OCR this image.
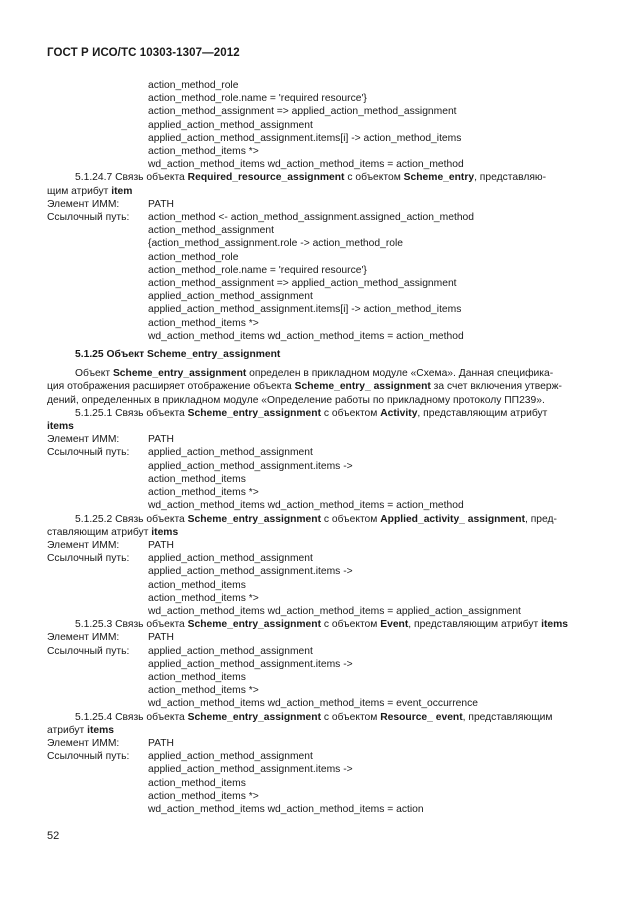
ГОСТ Р ИСО/ТС 10303-1307—2012
action_method_role
action_method_role.name = 'required resource'}
action_method_assignment => applied_action_method_assignment
applied_action_method_assignment
applied_action_method_assignment.items[i] -> action_method_items
action_method_items *>
wd_action_method_items wd_action_method_items = action_method
5.1.24.7 Связь объекта Required_resource_assignment с объектом Scheme_entry, представляю-
щим атрибут item
Элемент ИММ:	PATH
Ссылочный путь:	action_method <- action_method_assignment.assigned_action_method
action_method_assignment
{action_method_assignment.role -> action_method_role
action_method_role
action_method_role.name = 'required resource'}
action_method_assignment => applied_action_method_assignment
applied_action_method_assignment
applied_action_method_assignment.items[i] -> action_method_items
action_method_items *>
wd_action_method_items wd_action_method_items = action_method
5.1.25 Объект Scheme_entry_assignment
Объект Scheme_entry_assignment определен в прикладном модуле «Схема». Данная специфика-
ция отображения расширяет отображение объекта Scheme_entry_ assignment за счет включения утверж-
дений, определенных в прикладном модуле «Определение работы по прикладному протоколу ПП239».
5.1.25.1 Связь объекта Scheme_entry_assignment с объектом Activity, представляющим атрибут
items
Элемент ИММ:	PATH
Ссылочный путь:	applied_action_method_assignment
applied_action_method_assignment.items ->
action_method_items
action_method_items *>
wd_action_method_items wd_action_method_items = action_method
5.1.25.2 Связь объекта Scheme_entry_assignment с объектом Applied_activity_ assignment, пред-
ставляющим атрибут items
Элемент ИММ:	PATH
Ссылочный путь:	applied_action_method_assignment
applied_action_method_assignment.items ->
action_method_items
action_method_items *>
wd_action_method_items wd_action_method_items = applied_action_assignment
5.1.25.3 Связь объекта Scheme_entry_assignment с объектом Event, представляющим атрибут items
Элемент ИММ:	PATH
Ссылочный путь:	applied_action_method_assignment
applied_action_method_assignment.items ->
action_method_items
action_method_items *>
wd_action_method_items wd_action_method_items = event_occurrence
5.1.25.4 Связь объекта Scheme_entry_assignment с объектом Resource_ event, представляющим
атрибут items
Элемент ИММ:	PATH
Ссылочный путь:	applied_action_method_assignment
applied_action_method_assignment.items ->
action_method_items
action_method_items *>
wd_action_method_items wd_action_method_items = action
52
